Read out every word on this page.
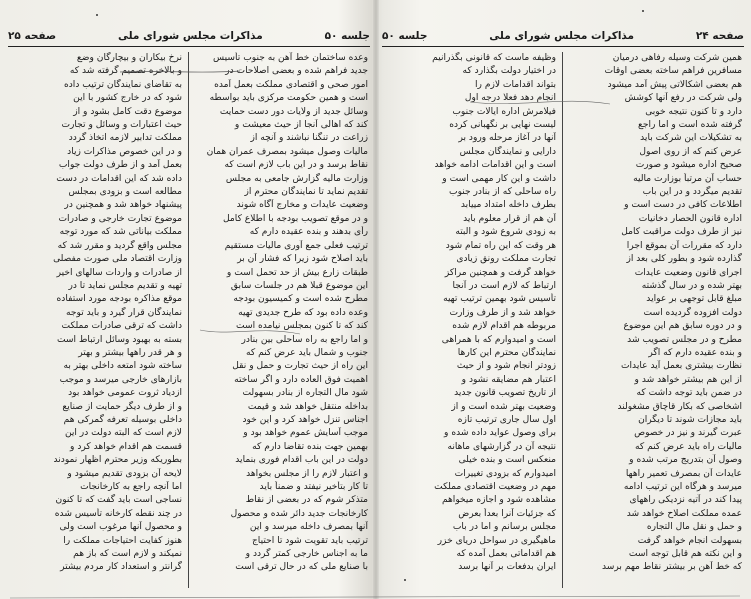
جلسه ۵۰
مذاکرات مجلس شورای ملی
صفحه ۲۵
نرخ بیکاران و بیچارگان وضع
و بالاخره تصمیم گرفته شد که
به تقاضای نمایندگان ترتیب داده
شود که در خارج کشور با این
موضوع دقت کامل بشود و از
حیث اعتبارات و وسائل و تجارت
مملکت تدابیر لازمه اتخاذ گردد
و در این خصوص مذاکرات زیاد
بعمل آمد و از طرف دولت جواب
داده شد که این اقدامات در دست
مطالعه است و بزودی بمجلس
پیشنهاد خواهد شد و همچنین در
موضوع تجارت خارجی و صادرات
مملکت بیاناتی شد که مورد توجه
مجلس واقع گردید و مقرر شد که
وزارت اقتصاد ملی صورت مفصلی
از صادرات و واردات سالهای اخیر
تهیه و تقدیم مجلس نماید تا در
موقع مذاکره بودجه مورد استفاده
نمایندگان قرار گیرد و باید توجه
داشت که ترقی صادرات مملکت
بسته به بهبود وسائل ارتباط است
و هر قدر راهها بیشتر و بهتر
ساخته شود امتعه داخلی بهتر به
بازارهای خارجی میرسد و موجب
ازدیاد ثروت عمومی خواهد بود
و از طرف دیگر حمایت از صنایع
داخلی بوسیله تعرفه گمرکی هم
لازم است که البته دولت در این
قسمت هم اقدام خواهد کرد و
بطوریکه وزیر محترم اظهار نمودند
لایحه آن بزودی تقدیم میشود و
اما آنچه راجع به کارخانجات
نساجی است باید گفت که تا کنون
در چند نقطه کارخانه تأسیس شده
و محصول آنها مرغوب است ولی
هنوز کفایت احتیاجات مملکت را
نمیکند و لازم است که باز هم
گرانتر و استعداد کار مردم بیشتر
وعده ساختمان خط آهن به جنوب تأسیس
جدید فراهم شده و بعضی اصلاحات در
امور صحی و اقتصادی مملکت بعمل آمده
است و همین حکومت مرکزی باید بواسطه
وسائل جدید از ولایات دور دست حمایت
کند که اهالی آنجا از حیث معیشت و
زراعت در تنگنا نباشند و آنچه از
مالیات وصول میشود بمصرف عمران همان
نقاط برسد و در این باب لازم است که
وزارت مالیه گزارش جامعی به مجلس
تقدیم نماید تا نمایندگان محترم از
وضعیت عایدات و مخارج آگاه شوند
و در موقع تصویب بودجه با اطلاع کامل
رأی بدهند و بنده عقیده دارم که
ترتیب فعلی جمع آوری مالیات مستقیم
باید اصلاح شود زیرا که فشار آن بر
طبقات زارع بیش از حد تحمل است و
این موضوع قبلا هم در جلسات سابق
مطرح شده است و کمیسیون بودجه
وعده داده بود که طرح جدیدی تهیه
کند که تا کنون بمجلس نیامده است
و اما راجع به راه ساحلی بین بنادر
جنوب و شمال باید عرض کنم که
این راه از حیث تجارت و حمل و نقل
اهمیت فوق العاده دارد و اگر ساخته
شود مال التجاره از بنادر بسهولت
بداخله منتقل خواهد شد و قیمت
اجناس تنزل خواهد کرد و این خود
موجب آسایش عموم خواهد بود و
بهمین جهت بنده تقاضا دارم که
دولت در این باب اقدام فوری بنماید
و اعتبار لازم را از مجلس بخواهد
تا کار بتأخیر نیفتد و ضمناً باید
متذکر شوم که در بعضی از نقاط
کارخانجات جدید دائر شده و محصول
آنها بمصرف داخله میرسد و این
ترتیب باید تقویت شود تا احتیاج
ما به اجناس خارجی کمتر گردد و
با صنایع ملی که در حال ترقی است
صفحه ۲۴
مذاکرات مجلس شورای ملی
جلسه ۵۰
وظیفه ماست که قانونی بگذرانیم
در اختیار دولت بگذارد که
بتواند اقدامات لازم را
انجام دهد فعلا درجه اول
فیلامرش اداره ایالات جنوب
لیست نهایی بر نگهبانی کرده
آنها در آغاز مرحله ورود بر
دارایی و نمایندگان مجلس
است و این اقدامات ادامه خواهد
داشت و این کار مهمی است و
راه ساحلی که از بنادر جنوب
بطرف داخله امتداد مییابد
آن هم از قرار معلوم باید
به زودی شروع شود و البته
هر وقت که این راه تمام شود
تجارت مملکت رونق زیادی
خواهد گرفت و همچنین مراکز
ارتباط که لازم است در آنجا
تأسیس شود بهمین ترتیب تهیه
خواهد شد و از طرف وزارت
مربوطه هم اقدام لازم شده
است و امیدوارم که با همراهی
نمایندگان محترم این کارها
زودتر انجام شود و از حیث
اعتبار هم مضایقه نشود و
از تاریخ تصویب قانون جدید
وضعیت بهتر شده است و از
اول سال جاری ترتیب تازه
برای وصول عواید داده شده و
نتیجه آن در گزارشهای ماهانه
منعکس است و بنده خیلی
امیدوارم که بزودی تغییرات
مهم در وضعیت اقتصادی مملکت
مشاهده شود و اجازه میخواهم
که جزئیات آنرا بعداً بعرض
مجلس برسانم و اما در باب
ماهیگیری در سواحل دریای خزر
هم اقداماتی بعمل آمده که
ایران بدفعات بر آنها برسد
همین شرکت وسیله رفاهی درمیان
مسافرین فراهم ساخته بعضی اوقات
هم بعضی اشکالاتی پیش آمد میشود
ولی شرکت در رفع آنها کوشش
دارد و تا کنون نتیجه خوبی
گرفته شده است و اما راجع
به تشکیلات این شرکت باید
عرض کنم که از روی اصول
صحیح اداره میشود و صورت
حساب آن مرتباً بوزارت مالیه
تقدیم میگردد و در این باب
اطلاعات کافی در دست است و
اداره قانون الحصار دخانیات
نیز از طرف دولت مراقبت کامل
دارد که مقررات آن بموقع اجرا
گذارده شود و بطور کلی بعد از
اجرای قانون وضعیت عایدات
بهتر شده و در سال گذشته
مبلغ قابل توجهی بر عواید
دولت افزوده گردیده است
و در دوره سابق هم این موضوع
مطرح و در مجلس تصویب شد
و بنده عقیده دارم که اگر
نظارت بیشتری بعمل آید عایدات
از این هم بیشتر خواهد شد و
در ضمن باید توجه داشت که
اشخاصی که بکار قاچاق مشغولند
باید مجازات شوند تا دیگران
عبرت گیرند و نیز در خصوص
مالیات راه باید عرض کنم که
وصول آن بتدریج مرتب شده و
عایدات آن بمصرف تعمیر راهها
میرسد و هرگاه این ترتیب ادامه
پیدا کند در آتیه نزدیکی راههای
عمده مملکت اصلاح خواهد شد
و حمل و نقل مال التجاره
بسهولت انجام خواهد گرفت
و این نکته هم قابل توجه است
که خط آهن بر بیشتر نقاط مهم برسد
